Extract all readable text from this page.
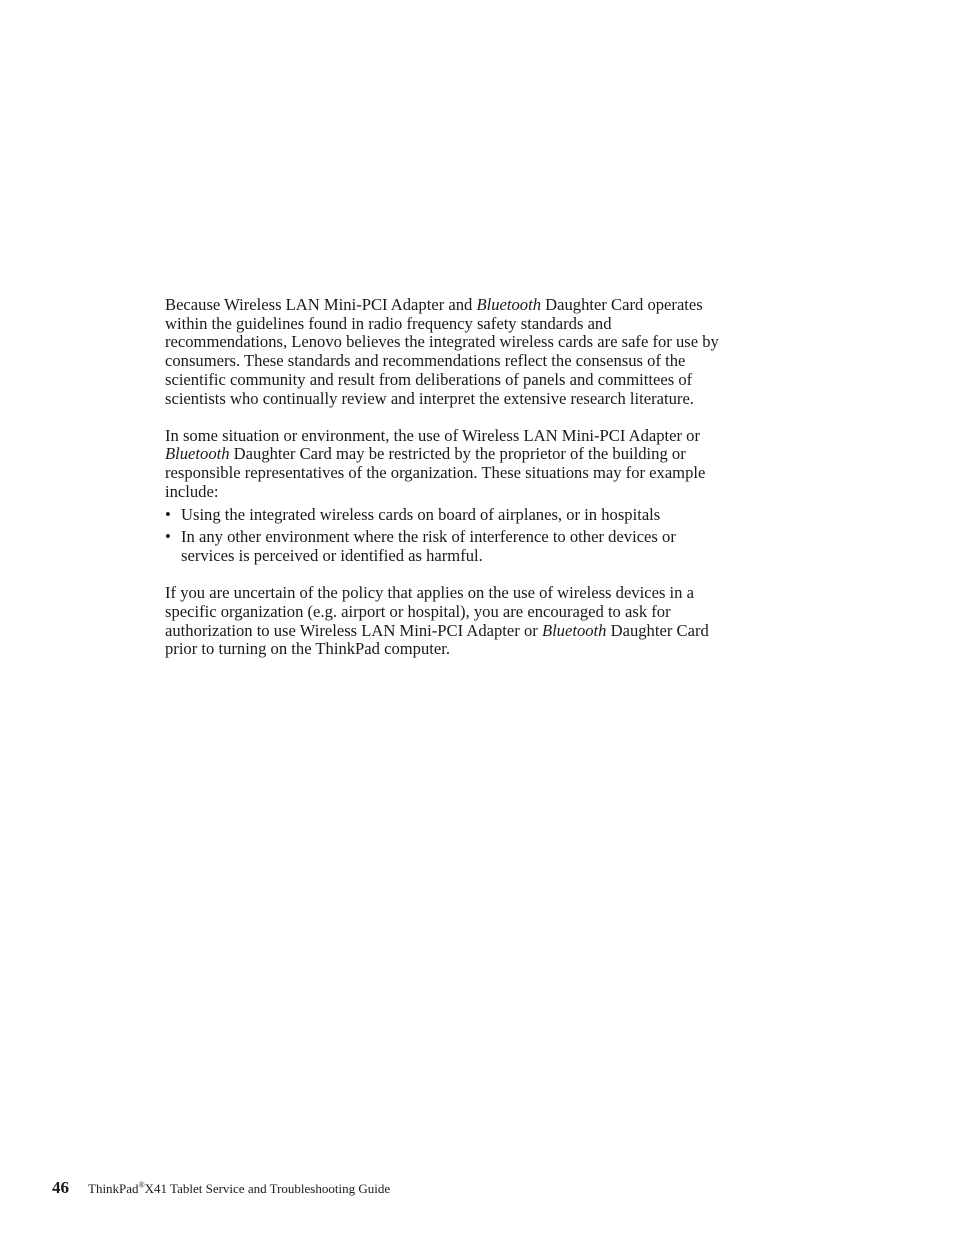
Because Wireless LAN Mini-PCI Adapter and Bluetooth Daughter Card operates within the guidelines found in radio frequency safety standards and recommendations, Lenovo believes the integrated wireless cards are safe for use by consumers. These standards and recommendations reflect the consensus of the scientific community and result from deliberations of panels and committees of scientists who continually review and interpret the extensive research literature.

In some situation or environment, the use of Wireless LAN Mini-PCI Adapter or Bluetooth Daughter Card may be restricted by the proprietor of the building or responsible representatives of the organization. These situations may for example include:

• Using the integrated wireless cards on board of airplanes, or in hospitals
• In any other environment where the risk of interference to other devices or services is perceived or identified as harmful.

If you are uncertain of the policy that applies on the use of wireless devices in a specific organization (e.g. airport or hospital), you are encouraged to ask for authorization to use Wireless LAN Mini-PCI Adapter or Bluetooth Daughter Card prior to turning on the ThinkPad computer.

46 ThinkPad®X41 Tablet Service and Troubleshooting Guide
